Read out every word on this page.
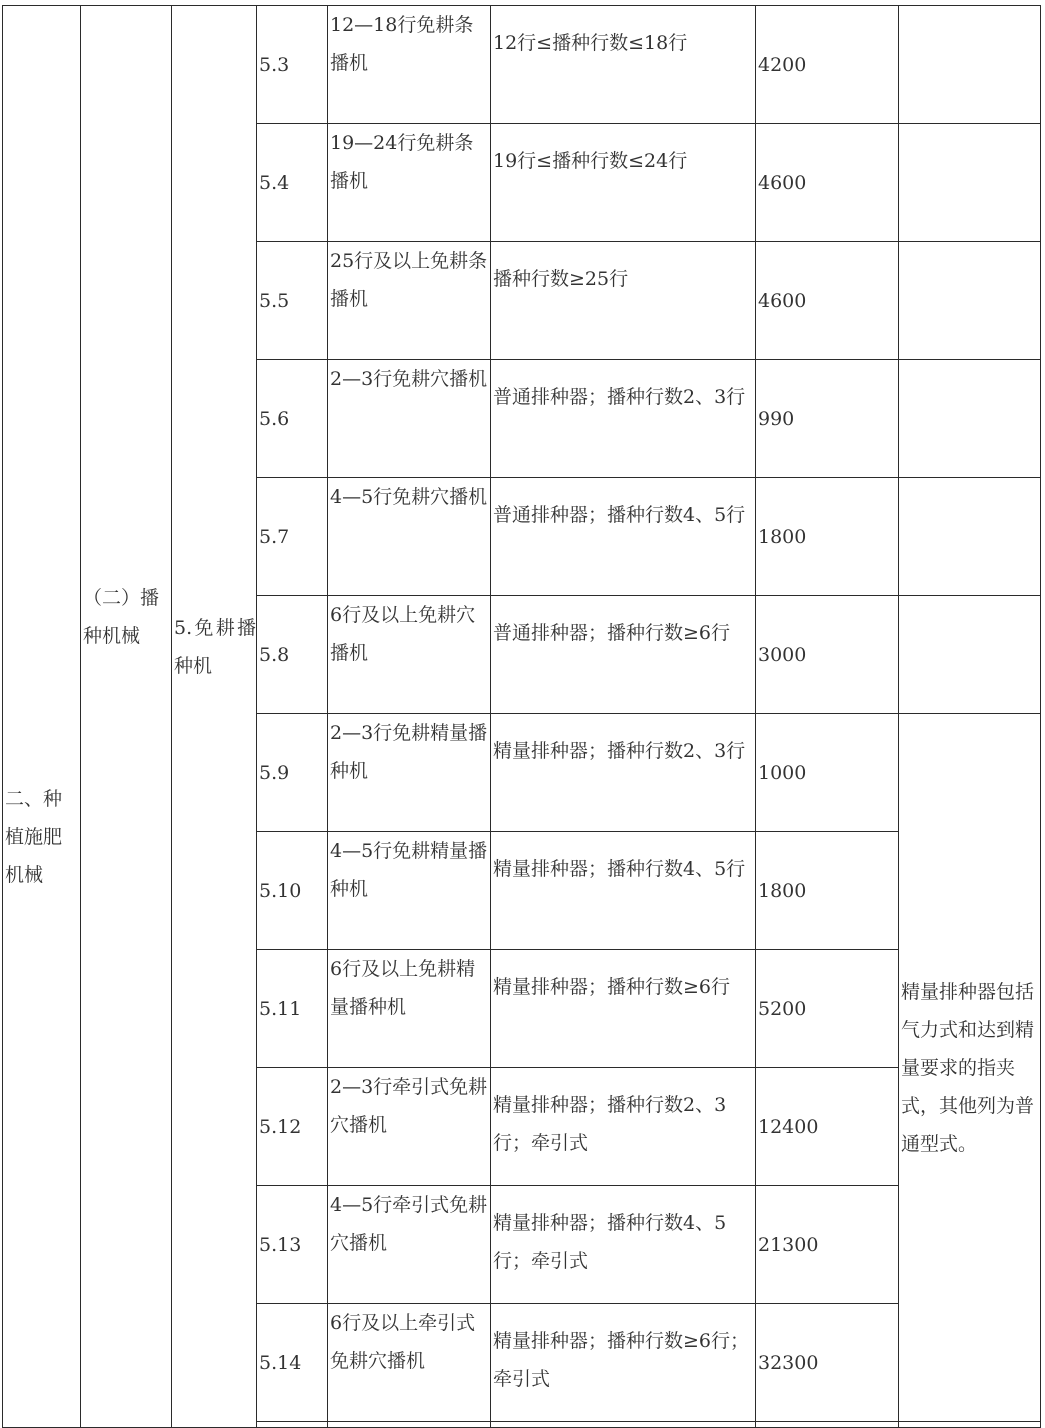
二、种植施肥机械	（二）播种机械	5.免耕播种机	5.3	12—18行免耕条播机	12行≤播种行数≤18行	4200	
			5.4	19—24行免耕条播机	19行≤播种行数≤24行	4600	
			5.5	25行及以上免耕条播机	播种行数≥25行	4600	
			5.6	2—3行免耕穴播机	普通排种器；播种行数2、3行	990	
			5.7	4—5行免耕穴播机	普通排种器；播种行数4、5行	1800	
			5.8	6行及以上免耕穴播机	普通排种器；播种行数≥6行	3000	
			5.9	2—3行免耕精量播种机	精量排种器；播种行数2、3行	1000	精量排种器包括气力式和达到精量要求的指夹式，其他列为普通型式。
			5.10	4—5行免耕精量播种机	精量排种器；播种行数4、5行	1800	
			5.11	6行及以上免耕精量播种机	精量排种器；播种行数≥6行	5200	
			5.12	2—3行牵引式免耕穴播机	精量排种器；播种行数2、3行；牵引式	12400	
			5.13	4—5行牵引式免耕穴播机	精量排种器；播种行数4、5行；牵引式	21300	
			5.14	6行及以上牵引式免耕穴播机	精量排种器；播种行数≥6行；牵引式	32300	
